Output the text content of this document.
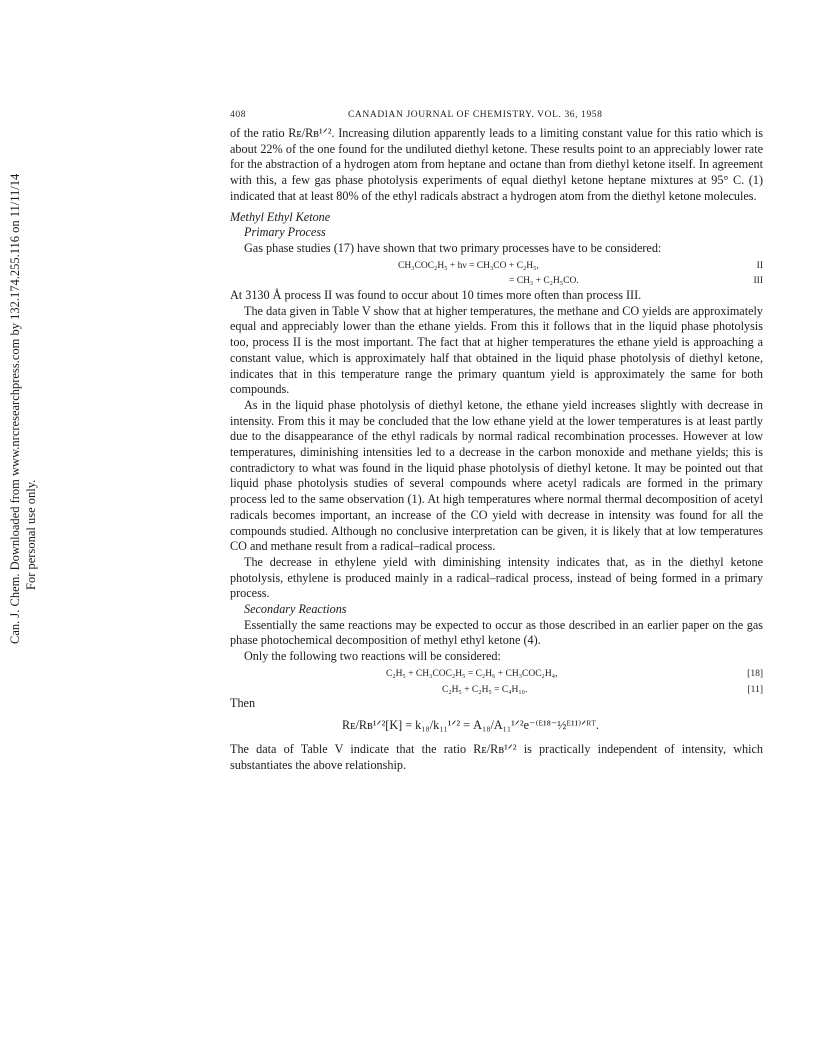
Can. J. Chem. Downloaded from www.nrcresearchpress.com by 132.174.255.116 on 11/11/14 For personal use only.
408	CANADIAN JOURNAL OF CHEMISTRY. VOL. 36, 1958

of the ratio Rᴇ/Rʙ¹ᐟ². Increasing dilution apparently leads to a limiting constant value for this ratio which is about 22% of the one found for the undiluted diethyl ketone. These results point to an appreciably lower rate for the abstraction of a hydrogen atom from heptane and octane than from diethyl ketone itself. In agreement with this, a few gas phase photolysis experiments of equal diethyl ketone heptane mixtures at 95° C. (1) indicated that at least 80% of the ethyl radicals abstract a hydrogen atom from the diethyl ketone molecules.

Methyl Ethyl Ketone

Primary Process

Gas phase studies (17) have shown that two primary processes have to be considered:

CH₃COC₂H₅ + hν = CH₃CO + C₂H₅,	II
= CH₃ + C₂H₅CO.	III

At 3130 Å process II was found to occur about 10 times more often than process III.

The data given in Table V show that at higher temperatures, the methane and CO yields are approximately equal and appreciably lower than the ethane yields. From this it follows that in the liquid phase photolysis too, process II is the most important. The fact that at higher temperatures the ethane yield is approaching a constant value, which is approximately half that obtained in the liquid phase photolysis of diethyl ketone, indicates that in this temperature range the primary quantum yield is approximately the same for both compounds.

As in the liquid phase photolysis of diethyl ketone, the ethane yield increases slightly with decrease in intensity. From this it may be concluded that the low ethane yield at the lower temperatures is at least partly due to the disappearance of the ethyl radicals by normal radical recombination processes. However at low temperatures, diminishing intensities led to a decrease in the carbon monoxide and methane yields; this is contradictory to what was found in the liquid phase photolysis of diethyl ketone. It may be pointed out that liquid phase photolysis studies of several compounds where acetyl radicals are formed in the primary process led to the same observation (1). At high temperatures where normal thermal decomposition of acetyl radicals becomes important, an increase of the CO yield with decrease in intensity was found for all the compounds studied. Although no conclusive interpretation can be given, it is likely that at low temperatures CO and methane result from a radical–radical process.

The decrease in ethylene yield with diminishing intensity indicates that, as in the diethyl ketone photolysis, ethylene is produced mainly in a radical–radical process, instead of being formed in a primary process.

Secondary Reactions

Essentially the same reactions may be expected to occur as those described in an earlier paper on the gas phase photochemical decomposition of methyl ethyl ketone (4).

Only the following two reactions will be considered:

C₂H₅ + CH₃COC₂H₅ = C₂H₆ + CH₃COC₂H₄,	[18]
C₂H₅ + C₂H₅ = C₄H₁₀.	[11]

Then

Rᴇ/Rʙ¹ᐟ²[K] = k₁₈/k₁₁¹ᐟ² = A₁₈/A₁₁¹ᐟ²e⁻⁽ᴱ¹⁸⁻½ᴱ¹¹⁾ᐟᴿᵀ.

The data of Table V indicate that the ratio Rᴇ/Rʙ¹ᐟ² is practically independent of intensity, which substantiates the above relationship.
